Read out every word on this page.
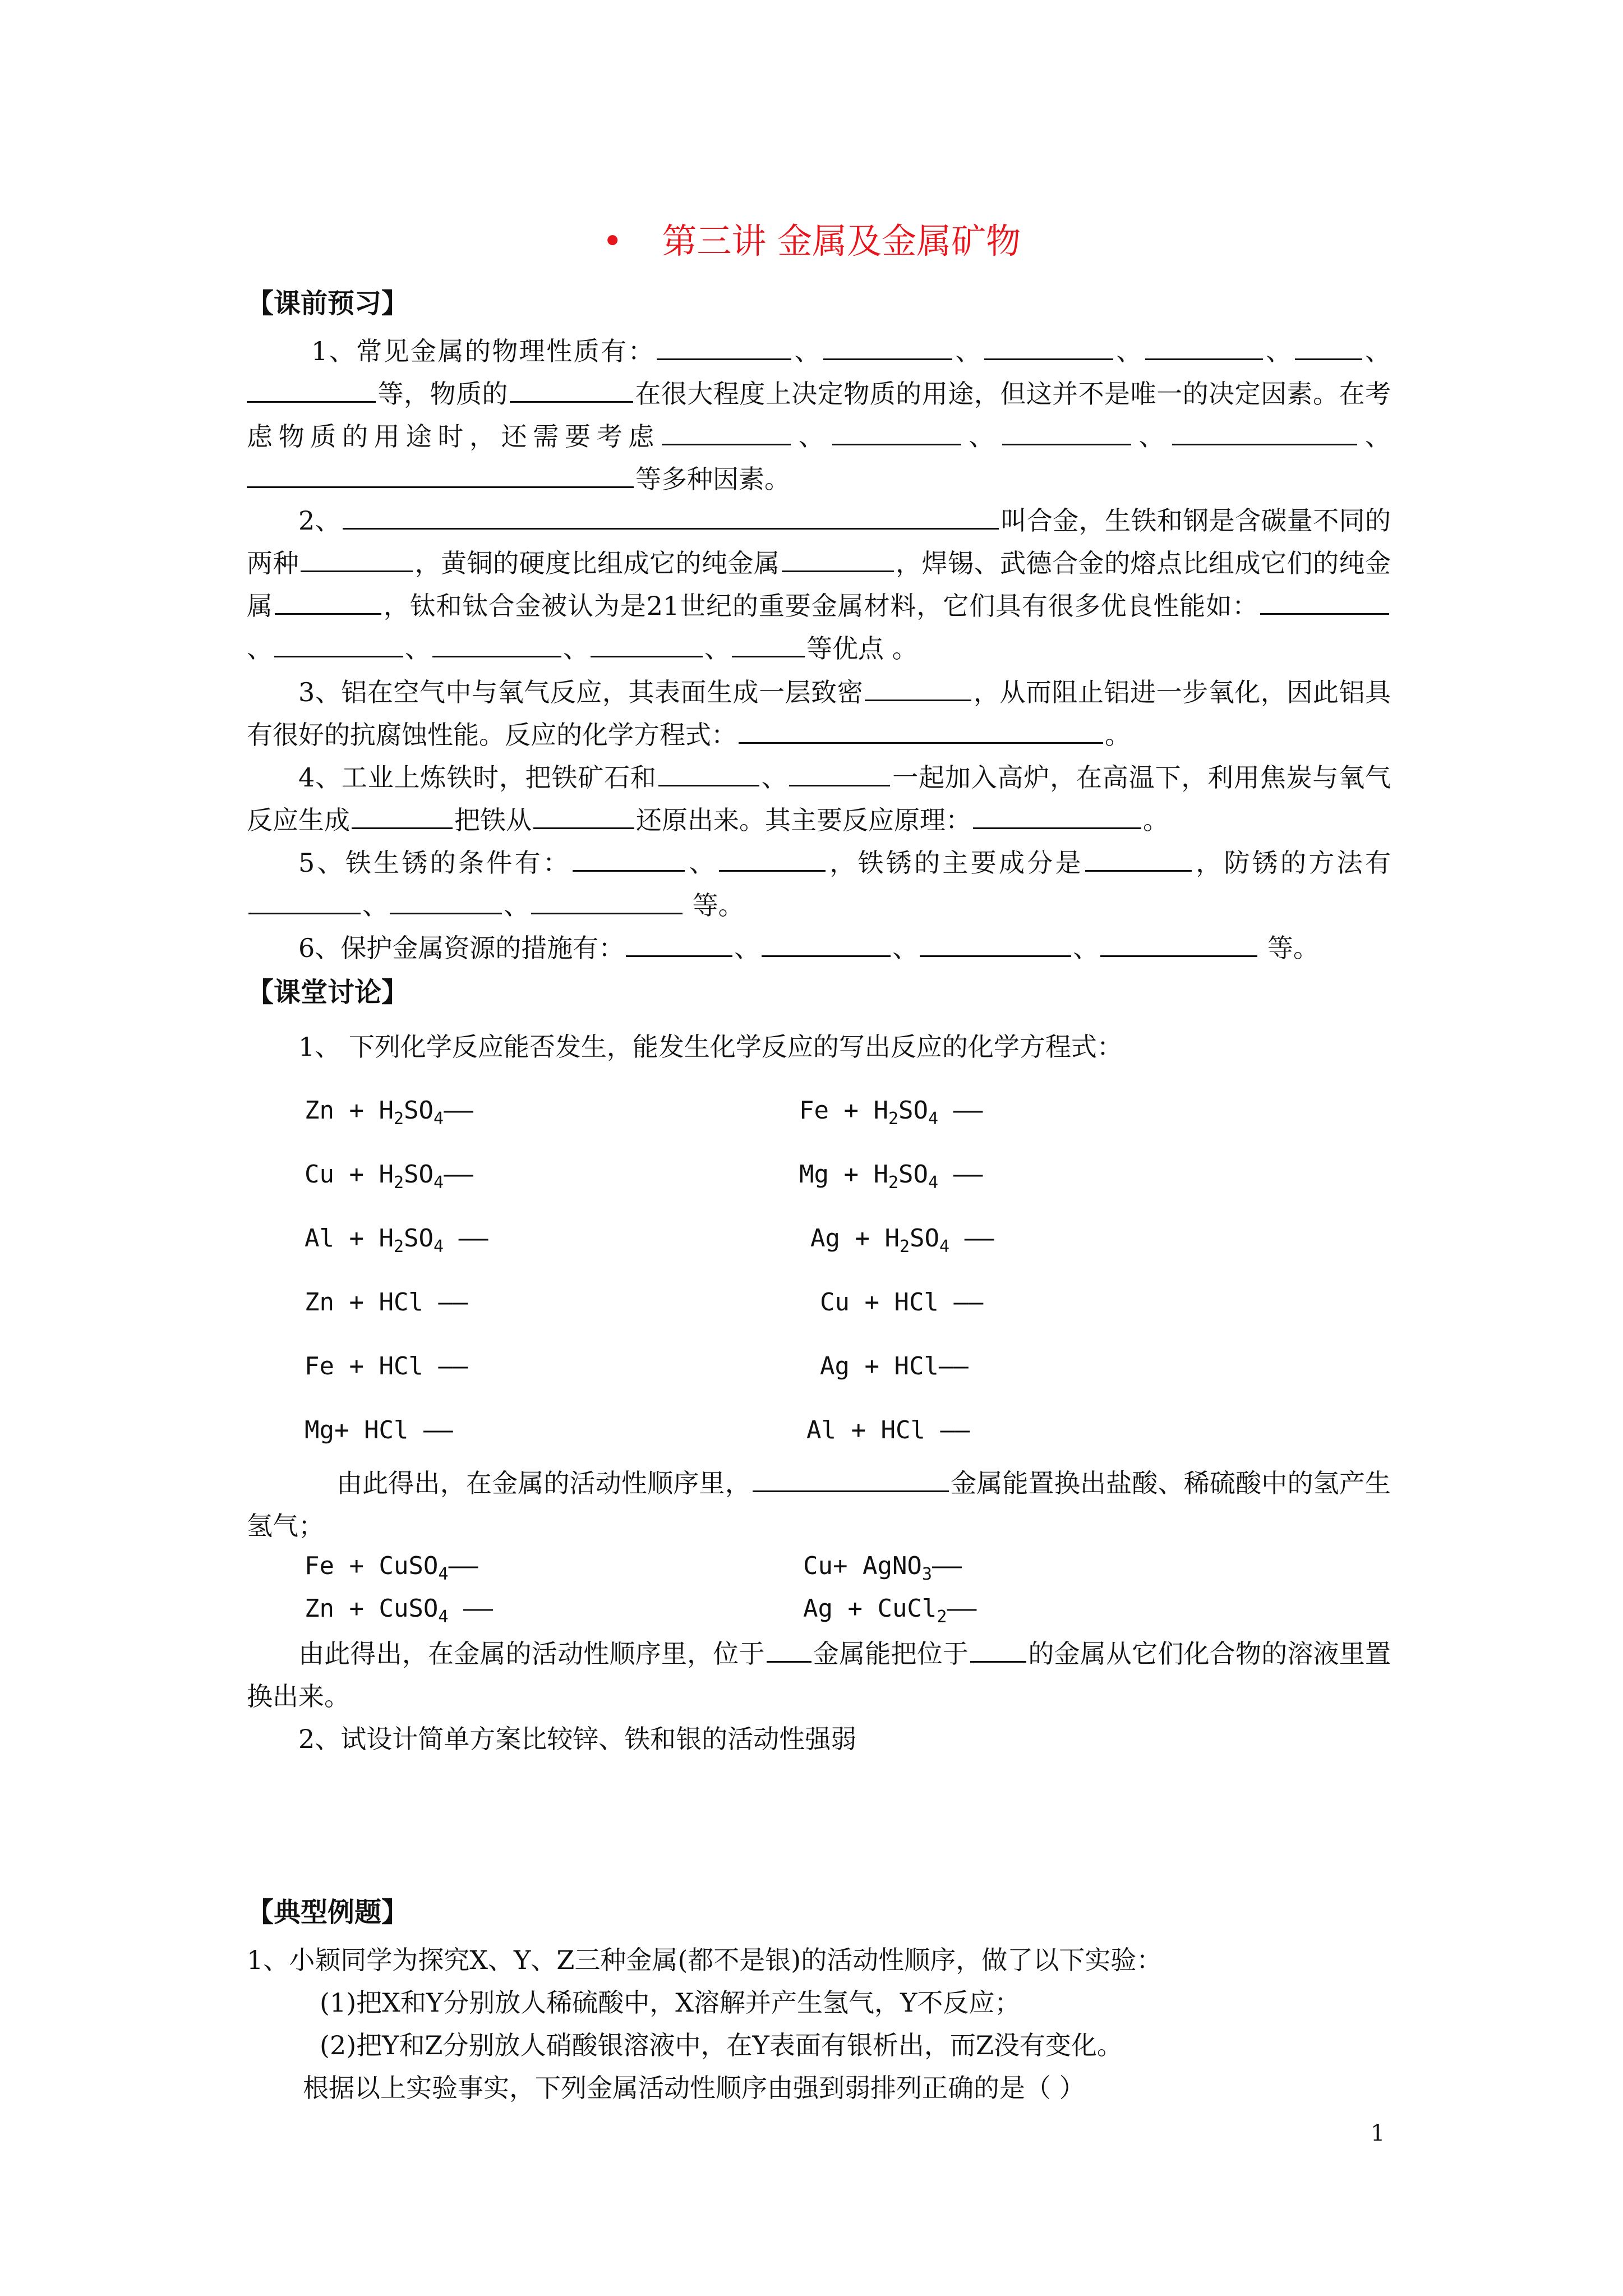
• 第三讲 金属及金属矿物
【课前预习】
1、常见金属的物理性质有：	、	、	、	、	、等，物质的	在很大程度上决定物质的用途，但这并不是唯一的决定因素。在考虑物质的用途时，还需要考虑	、	、	、	、等多种因素。
2、	叫合金，生铁和钢是含碳量不同的两种	，黄铜的硬度比组成它的纯金属	，焊锡、武德合金的熔点比组成它们的纯金属	，钛和钛合金被认为是21世纪的重要金属材料，它们具有很多优良性能如：、	、	、	、	等优点 。
3、铝在空气中与氧气反应，其表面生成一层致密	，从而阻止铝进一步氧化，因此铝具有很好的抗腐蚀性能。反应的化学方程式：	。
4、工业上炼铁时，把铁矿石和	、	一起加入高炉，在高温下，利用焦炭与氧气反应生成	把铁从	还原出来。其主要反应原理：	。
5、铁生锈的条件有：	、	，铁锈的主要成分是	，防锈的方法有、	、	等。
6、保护金属资源的措施有：	、	、	、	等。
【课堂讨论】
1、 下列化学反应能否发生，能发生化学反应的写出反应的化学方程式：
$Zn + H_2SO_4——$	$Fe + H_2SO_4$ ——
$Cu + H_2SO_4——$	$Mg + H_2SO_4$ ——
$Al + H_2SO_4$ ——	$Ag + H_2SO_4$ ——
Zn + HCl ——	Cu + HCl ——
Fe + HCl ——	Ag + HCl——
Mg+ HCl ——	Al + HCl ——
由此得出，在金属的活动性顺序里，	金属能置换出盐酸、稀硫酸中的氢产生氢气；
Fe + CuSO$_4$——	Cu+ AgNO$_3$——
Zn + CuSO$_4$ ——	Ag + CuCl$_2$——
由此得出，在金属的活动性顺序里，位于 金属能把位于 的金属从它们化合物的溶液里置换出来。
2、试设计简单方案比较锌、铁和银的活动性强弱
【典型例题】
1、小颖同学为探究X、Y、Z三种金属(都不是银)的活动性顺序，做了以下实验：
(1)把X和Y分别放人稀硫酸中，X溶解并产生氢气，Y不反应；
(2)把Y和Z分别放人硝酸银溶液中，在Y表面有银析出，而Z没有变化。
根据以上实验事实，下列金属活动性顺序由强到弱排列正确的是（ ）
1
